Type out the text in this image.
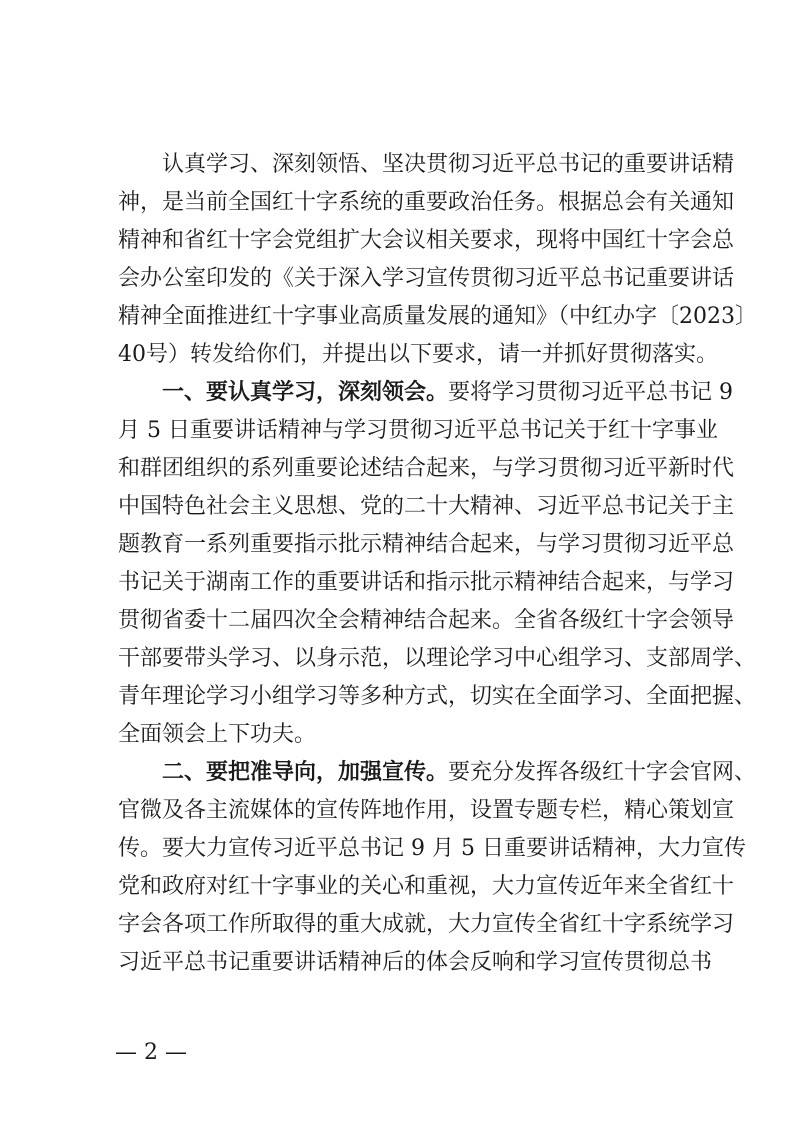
认真学习、深刻领悟、坚决贯彻习近平总书记的重要讲话精
神，是当前全国红十字系统的重要政治任务。根据总会有关通知
精神和省红十字会党组扩大会议相关要求，现将中国红十字会总
会办公室印发的《关于深入学习宣传贯彻习近平总书记重要讲话
精神全面推进红十字事业高质量发展的通知》（中红办字〔2023〕
40号）转发给你们，并提出以下要求，请一并抓好贯彻落实。
一、要认真学习，深刻领会。要将学习贯彻习近平总书记 9
月 5 日重要讲话精神与学习贯彻习近平总书记关于红十字事业
和群团组织的系列重要论述结合起来，与学习贯彻习近平新时代
中国特色社会主义思想、党的二十大精神、习近平总书记关于主
题教育一系列重要指示批示精神结合起来，与学习贯彻习近平总
书记关于湖南工作的重要讲话和指示批示精神结合起来，与学习
贯彻省委十二届四次全会精神结合起来。全省各级红十字会领导
干部要带头学习、以身示范，以理论学习中心组学习、支部周学、
青年理论学习小组学习等多种方式，切实在全面学习、全面把握、
全面领会上下功夫。
二、要把准导向，加强宣传。要充分发挥各级红十字会官网、
官微及各主流媒体的宣传阵地作用，设置专题专栏，精心策划宣
传。要大力宣传习近平总书记 9 月 5 日重要讲话精神，大力宣传
党和政府对红十字事业的关心和重视，大力宣传近年来全省红十
字会各项工作所取得的重大成就，大力宣传全省红十字系统学习
习近平总书记重要讲话精神后的体会反响和学习宣传贯彻总书
— 2 —
